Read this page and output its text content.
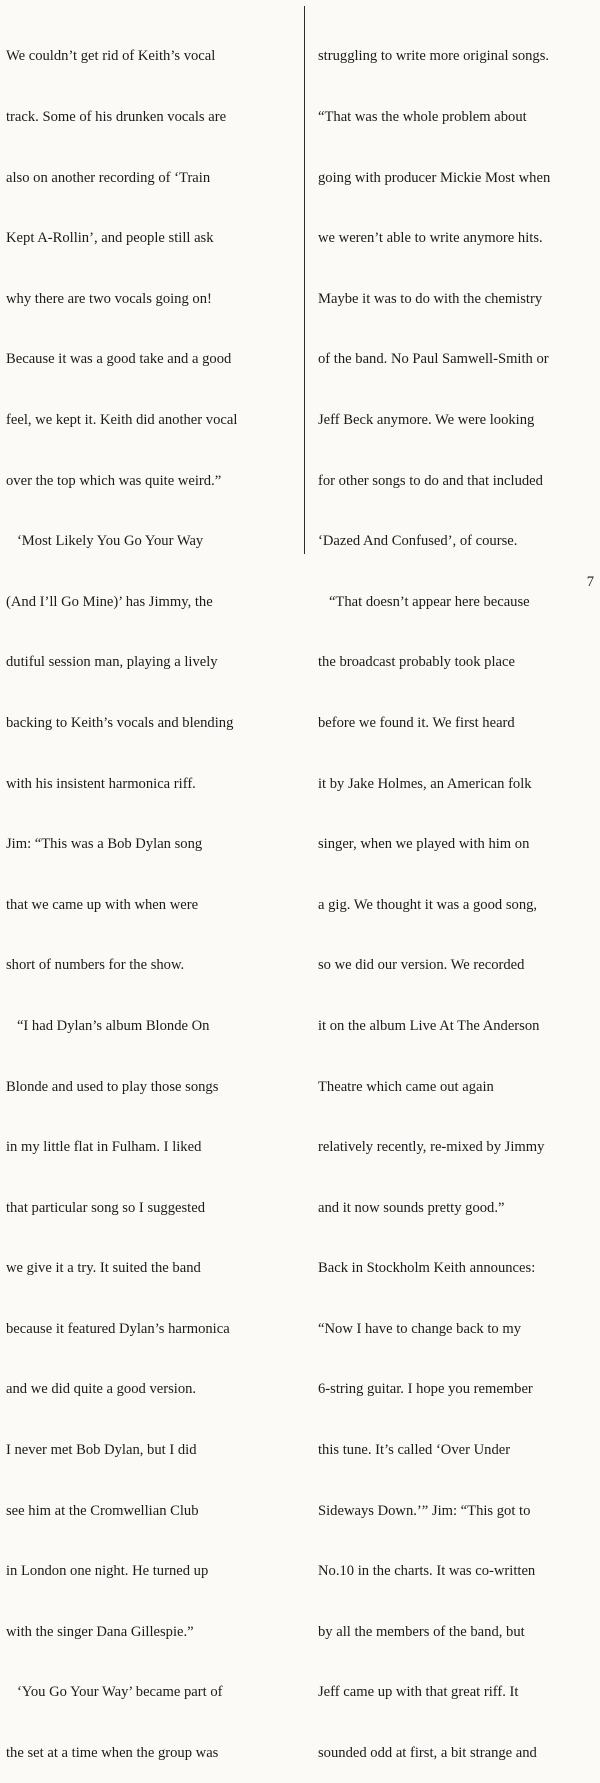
We couldn’t get rid of Keith’s vocal

track. Some of his drunken vocals are

also on another recording of ‘Train

Kept A-Rollin’, and people still ask

why there are two vocals going on!

Because it was a good take and a good

feel, we kept it. Keith did another vocal

over the top which was quite weird.”

‘Most Likely You Go Your Way

(And I’ll Go Mine)’ has Jimmy, the

dutiful session man, playing a lively

backing to Keith’s vocals and blending

with his insistent harmonica riff.

Jim: “This was a Bob Dylan song

that we came up with when were

short of numbers for the show.

“I had Dylan’s album Blonde On

Blonde and used to play those songs

in my little flat in Fulham. I liked

that particular song so I suggested

we give it a try. It suited the band

because it featured Dylan’s harmonica

and we did quite a good version.

I never met Bob Dylan, but I did

see him at the Cromwellian Club

in London one night. He turned up

with the singer Dana Gillespie.”

‘You Go Your Way’ became part of

the set at a time when the group was

struggling to write more original songs.

“That was the whole problem about

going with producer Mickie Most when

we weren’t able to write anymore hits.

Maybe it was to do with the chemistry

of the band. No Paul Samwell-Smith or

Jeff Beck anymore. We were looking

for other songs to do and that included

‘Dazed And Confused’, of course.

“That doesn’t appear here because

the broadcast probably took place

before we found it. We first heard

it by Jake Holmes, an American folk

singer, when we played with him on

a gig. We thought it was a good song,

so we did our version. We recorded

it on the album Live At The Anderson

Theatre which came out again

relatively recently, re-mixed by Jimmy

and it now sounds pretty good.”

Back in Stockholm Keith announces:

“Now I have to change back to my

6-string guitar. I hope you remember

this tune. It’s called ‘Over Under

Sideways Down.’” Jim: “This got to

No.10 in the charts. It was co-written

by all the members of the band, but

Jeff came up with that great riff. It

sounded odd at first, a bit strange and

7
